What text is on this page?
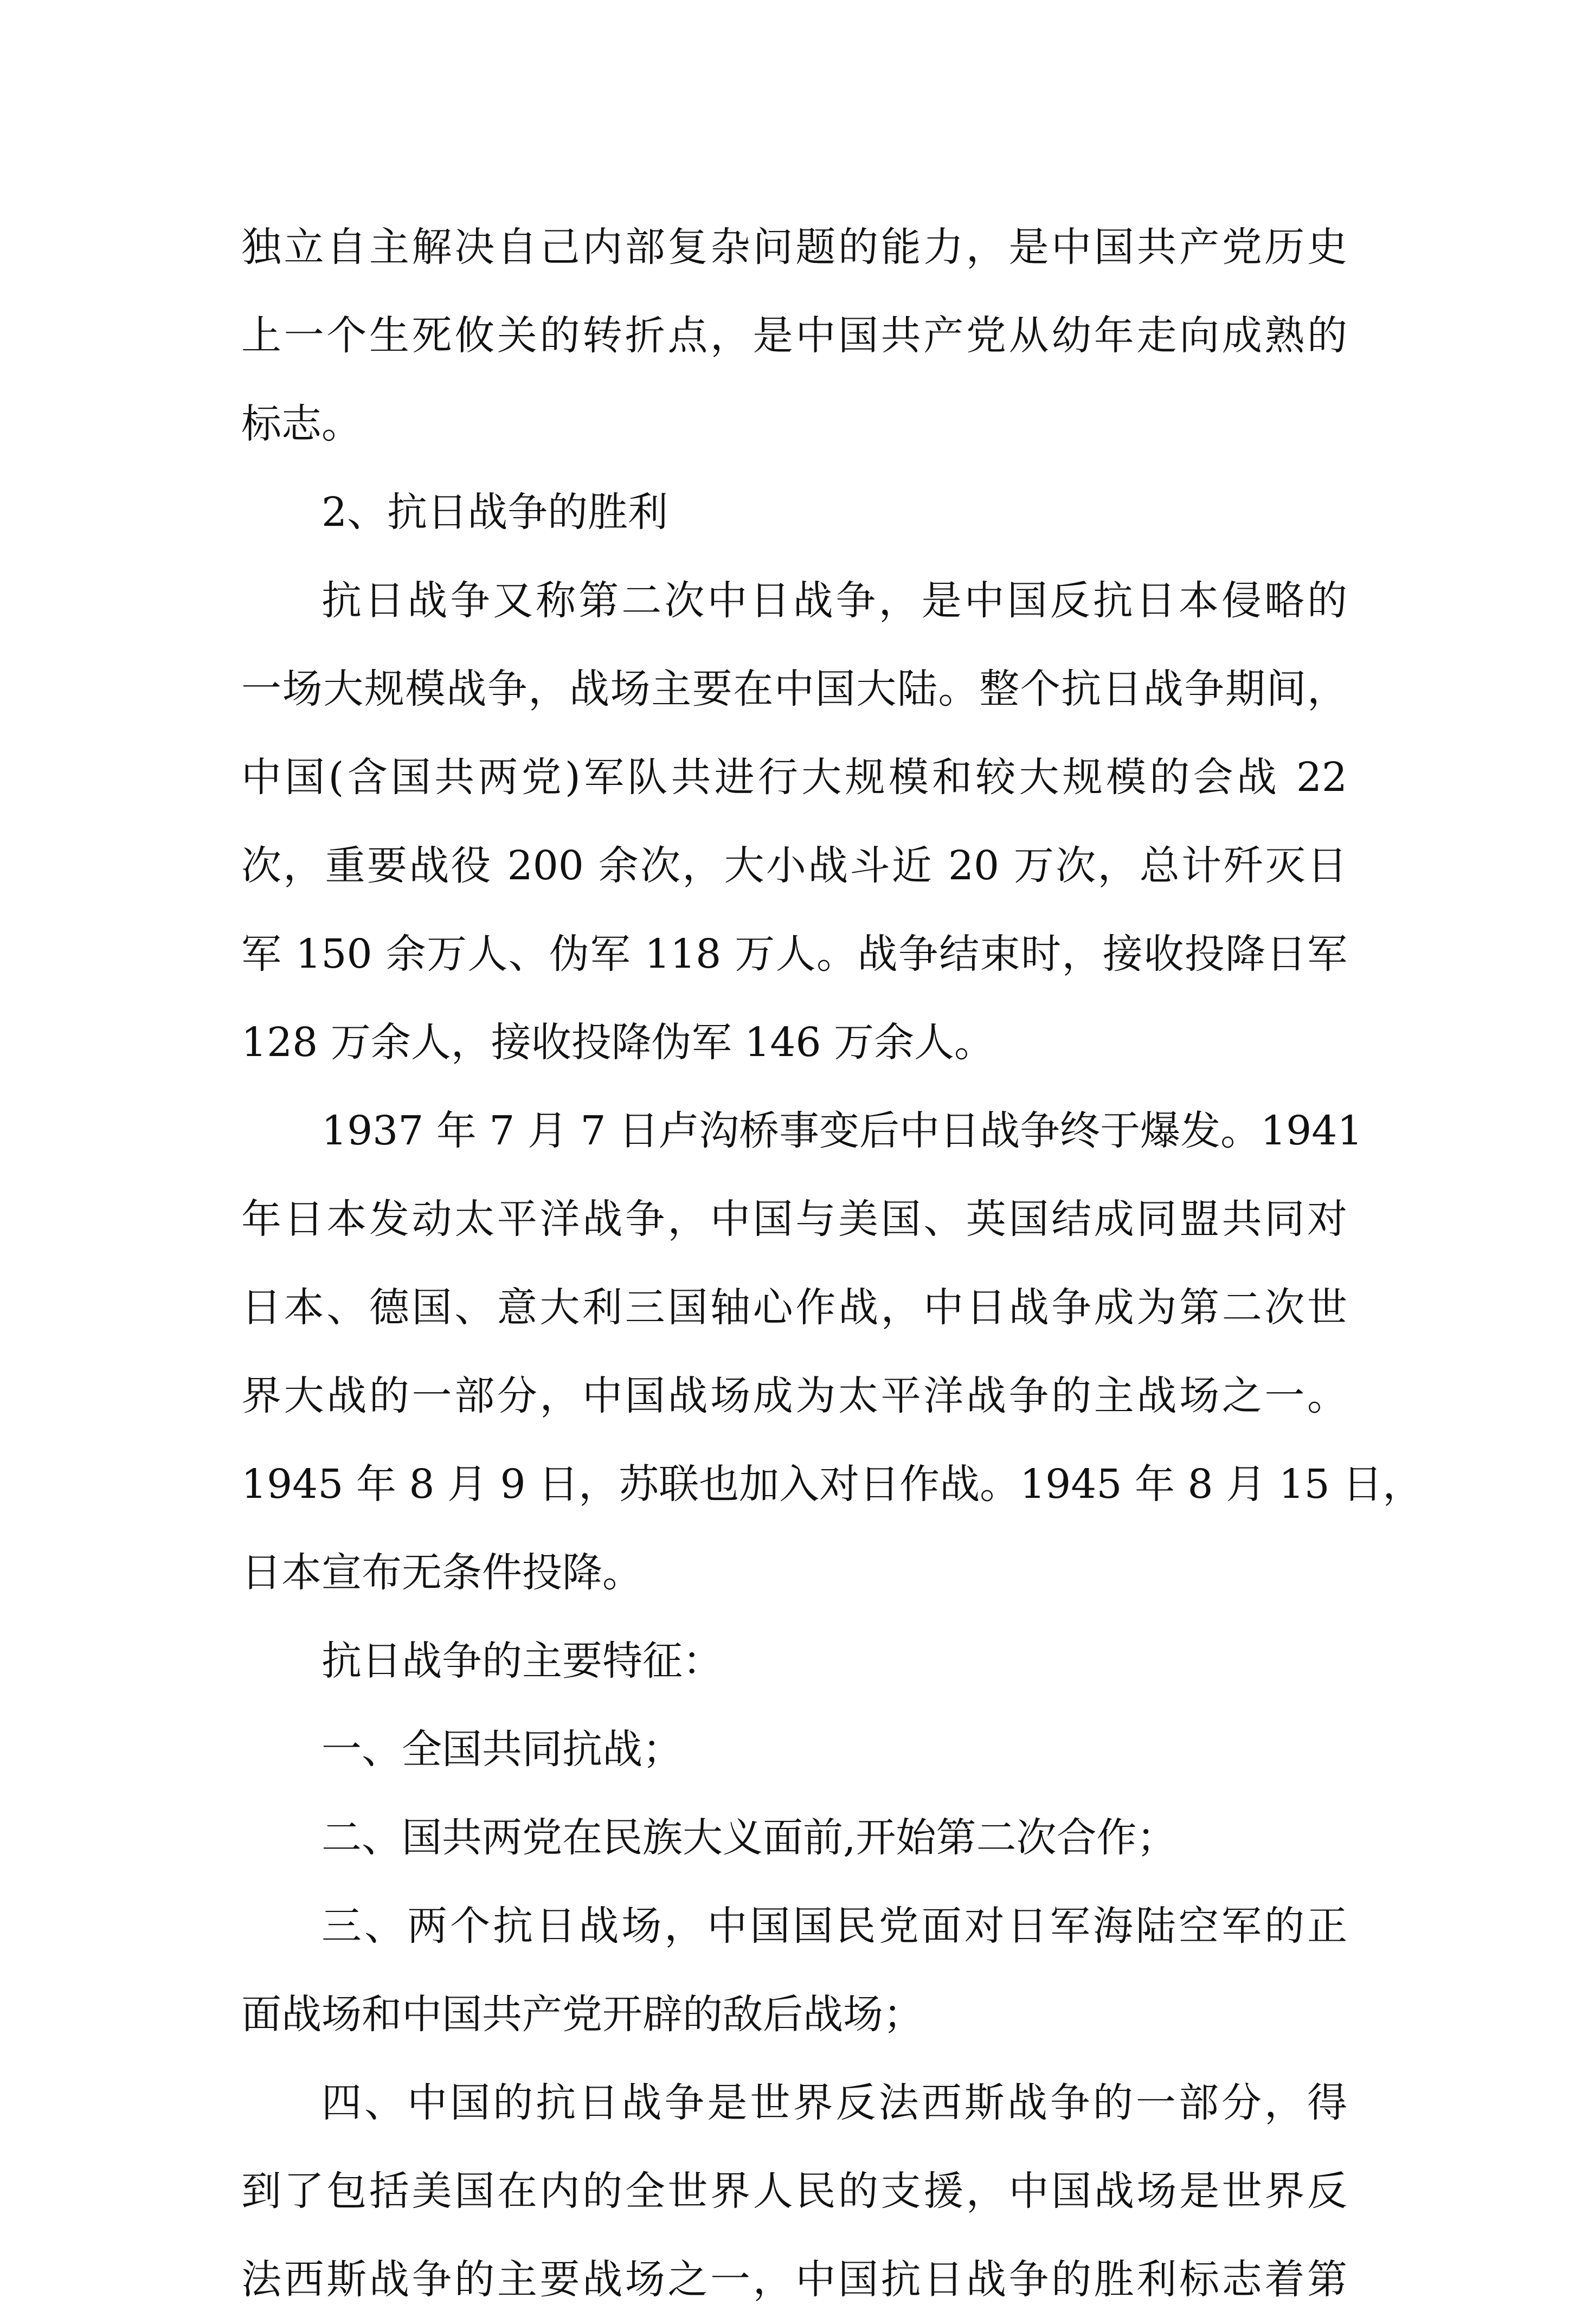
独立自主解决自己内部复杂问题的能力，是中国共产党历史
上一个生死攸关的转折点，是中国共产党从幼年走向成熟的
标志。
2、抗日战争的胜利
抗日战争又称第二次中日战争，是中国反抗日本侵略的
一场大规模战争，战场主要在中国大陆。整个抗日战争期间，
中国(含国共两党)军队共进行大规模和较大规模的会战 22
次，重要战役 200 余次，大小战斗近 20 万次，总计歼灭日
军 150 余万人、伪军 118 万人。战争结束时，接收投降日军
128 万余人，接收投降伪军 146 万余人。
1937 年 7 月 7 日卢沟桥事变后中日战争终于爆发。1941
年日本发动太平洋战争，中国与美国、英国结成同盟共同对
日本、德国、意大利三国轴心作战，中日战争成为第二次世
界大战的一部分，中国战场成为太平洋战争的主战场之一。
1945 年 8 月 9 日，苏联也加入对日作战。1945 年 8 月 15 日，
日本宣布无条件投降。
抗日战争的主要特征：
一、全国共同抗战；
二、国共两党在民族大义面前,开始第二次合作；
三、两个抗日战场，中国国民党面对日军海陆空军的正
面战场和中国共产党开辟的敌后战场；
四、中国的抗日战争是世界反法西斯战争的一部分，得
到了包括美国在内的全世界人民的支援，中国战场是世界反
法西斯战争的主要战场之一，中国抗日战争的胜利标志着第
